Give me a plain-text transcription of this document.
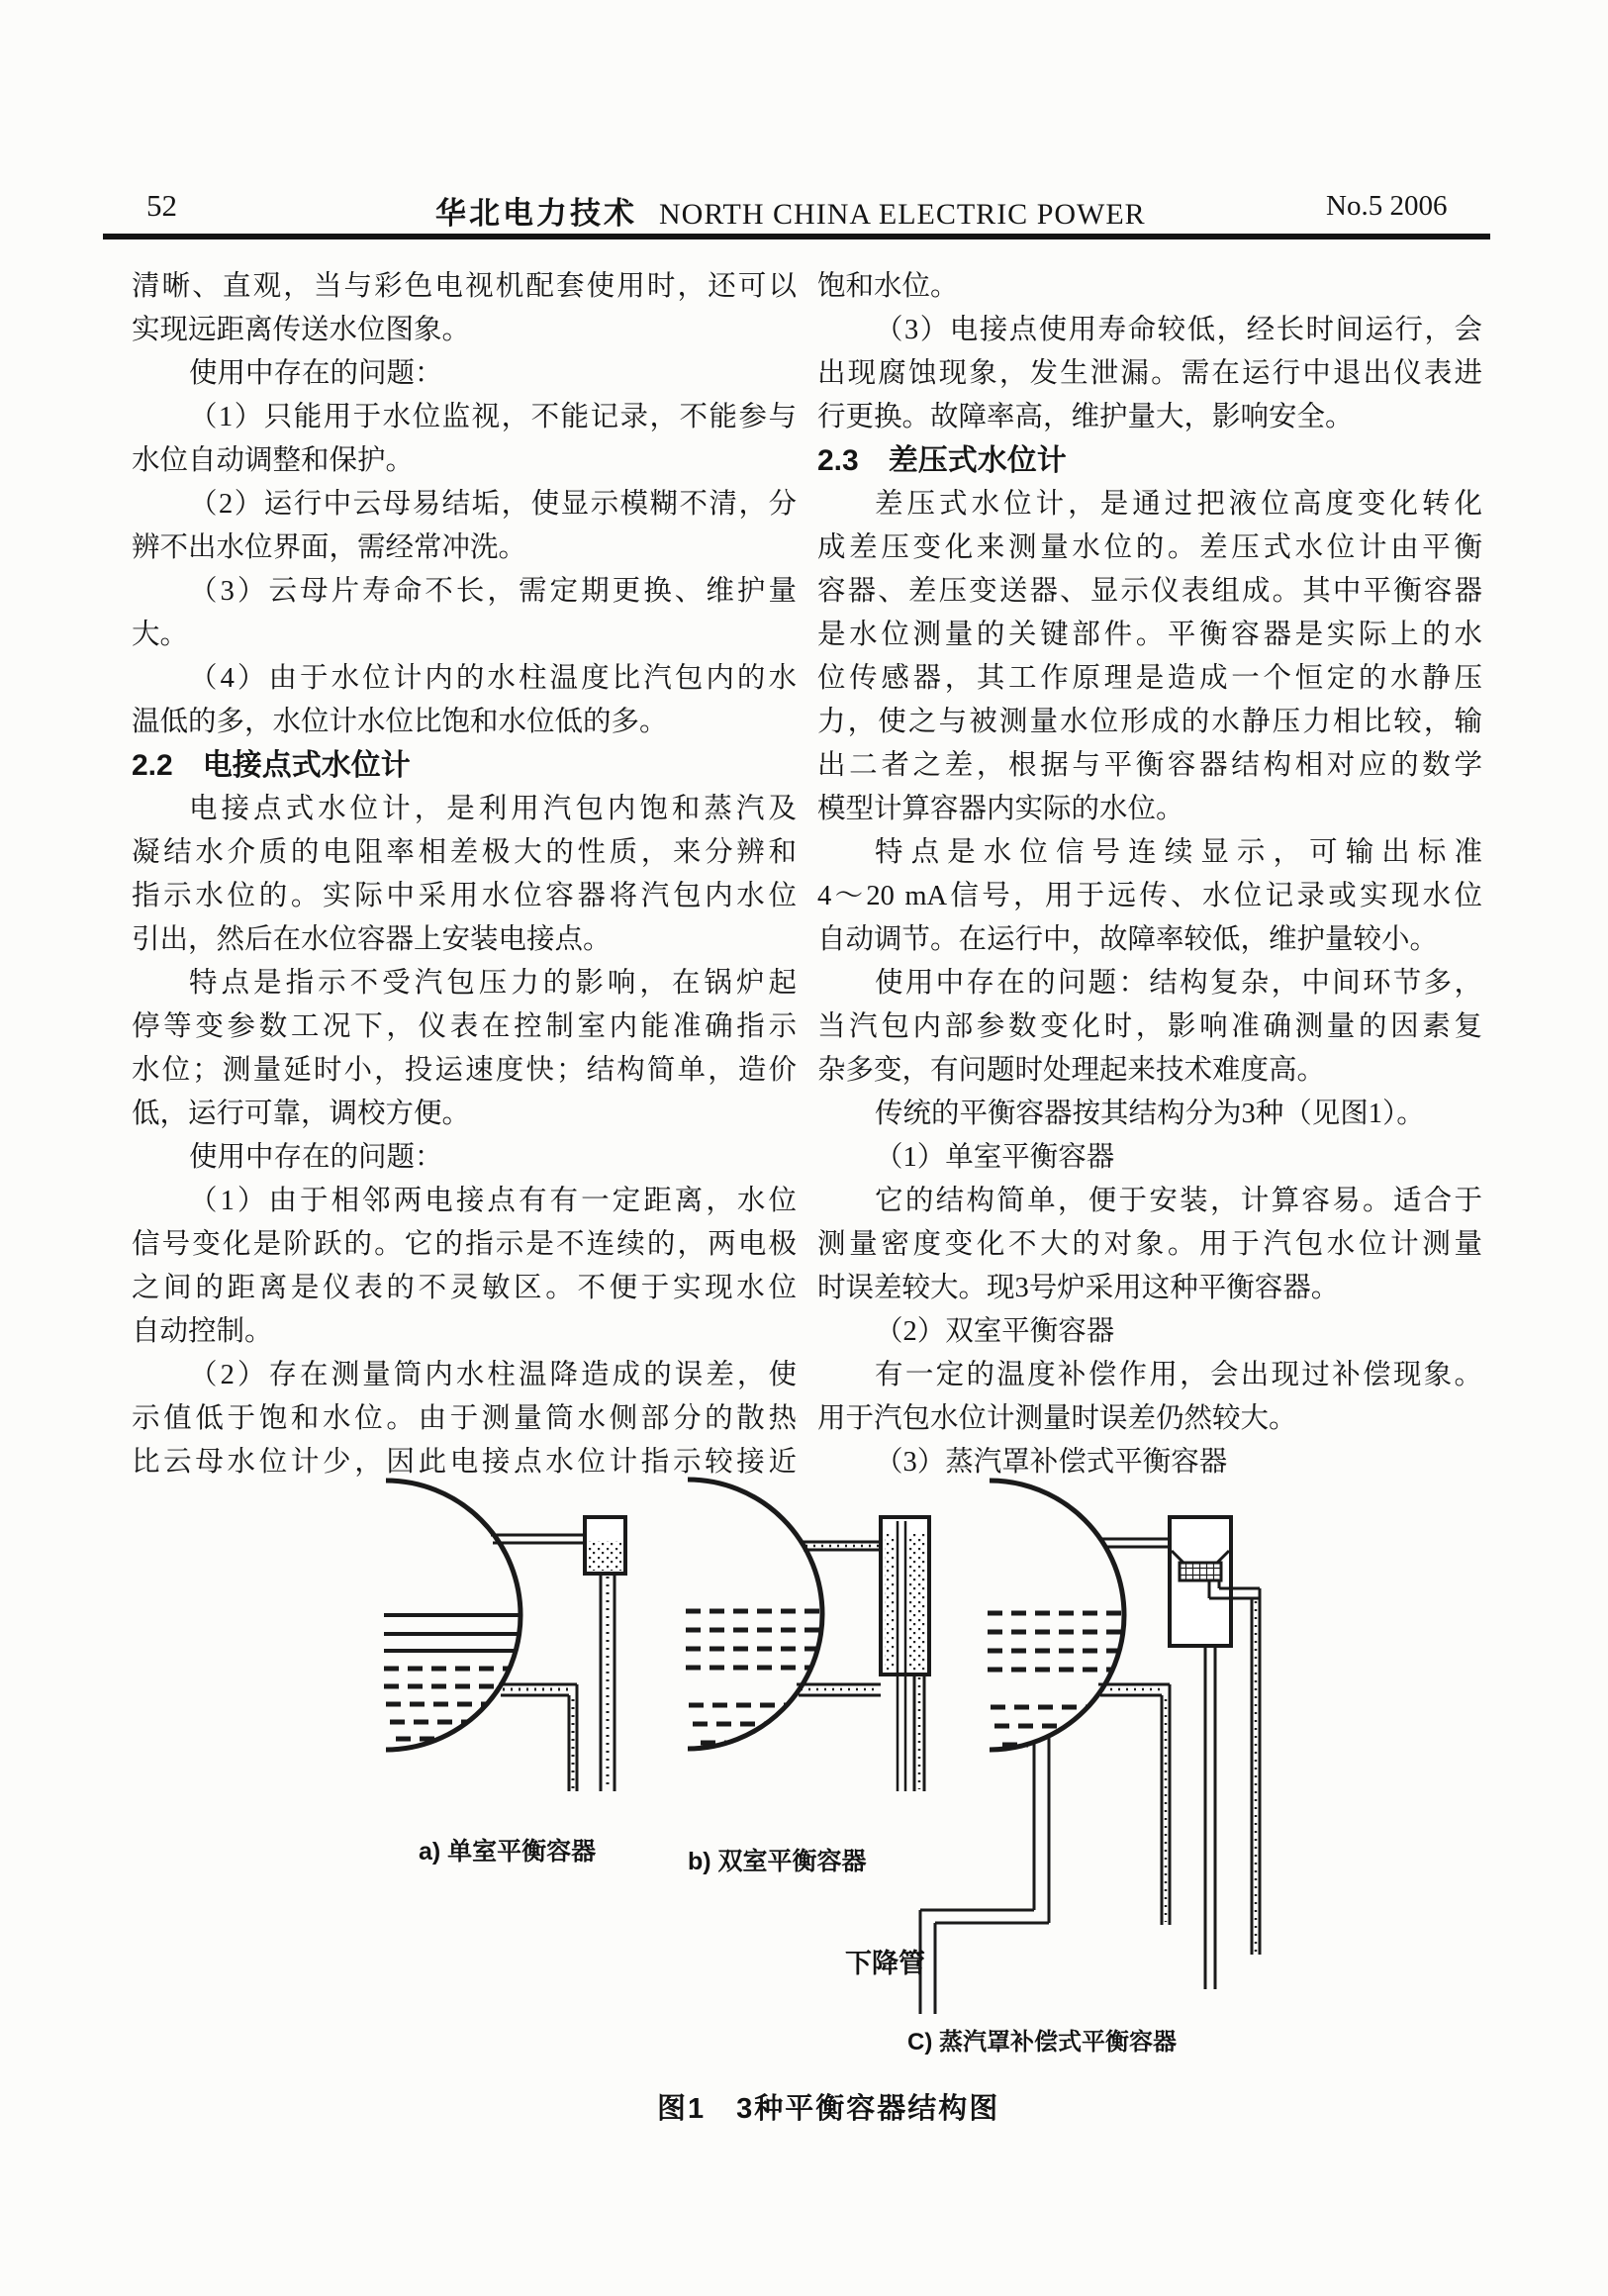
52	华北电力技术 NORTH CHINA ELECTRIC POWER	No.5 2006
清晰、直观，当与彩色电视机配套使用时，还可以
实现远距离传送水位图象。
使用中存在的问题：
（1）只能用于水位监视，不能记录，不能参与
水位自动调整和保护。
（2）运行中云母易结垢，使显示模糊不清，分
辨不出水位界面，需经常冲洗。
（3）云母片寿命不长，需定期更换、维护量
大。
（4）由于水位计内的水柱温度比汽包内的水
温低的多，水位计水位比饱和水位低的多。
2.2　电接点式水位计
电接点式水位计，是利用汽包内饱和蒸汽及
凝结水介质的电阻率相差极大的性质，来分辨和
指示水位的。实际中采用水位容器将汽包内水位
引出，然后在水位容器上安装电接点。
特点是指示不受汽包压力的影响，在锅炉起
停等变参数工况下，仪表在控制室内能准确指示
水位；测量延时小，投运速度快；结构简单，造价
低，运行可靠，调校方便。
使用中存在的问题：
（1）由于相邻两电接点有有一定距离，水位
信号变化是阶跃的。它的指示是不连续的，两电极
之间的距离是仪表的不灵敏区。不便于实现水位
自动控制。
（2）存在测量筒内水柱温降造成的误差，使
示值低于饱和水位。由于测量筒水侧部分的散热
比云母水位计少，因此电接点水位计指示较接近
饱和水位。
（3）电接点使用寿命较低，经长时间运行，会
出现腐蚀现象，发生泄漏。需在运行中退出仪表进
行更换。故障率高，维护量大，影响安全。
2.3　差压式水位计
差压式水位计，是通过把液位高度变化转化
成差压变化来测量水位的。差压式水位计由平衡
容器、差压变送器、显示仪表组成。其中平衡容器
是水位测量的关键部件。平衡容器是实际上的水
位传感器，其工作原理是造成一个恒定的水静压
力，使之与被测量水位形成的水静压力相比较，输
出二者之差，根据与平衡容器结构相对应的数学
模型计算容器内实际的水位。
特点是水位信号连续显示，可输出标准
4～20 mA信号，用于远传、水位记录或实现水位
自动调节。在运行中，故障率较低，维护量较小。
使用中存在的问题：结构复杂，中间环节多，
当汽包内部参数变化时，影响准确测量的因素复
杂多变，有问题时处理起来技术难度高。
传统的平衡容器按其结构分为3种（见图1）。
（1）单室平衡容器
它的结构简单，便于安装，计算容易。适合于
测量密度变化不大的对象。用于汽包水位计测量
时误差较大。现3号炉采用这种平衡容器。
（2）双室平衡容器
有一定的温度补偿作用，会出现过补偿现象。
用于汽包水位计测量时误差仍然较大。
（3）蒸汽罩补偿式平衡容器
a) 单室平衡容器	b) 双室平衡容器
下降管
C) 蒸汽罩补偿式平衡容器
图1　3种平衡容器结构图
